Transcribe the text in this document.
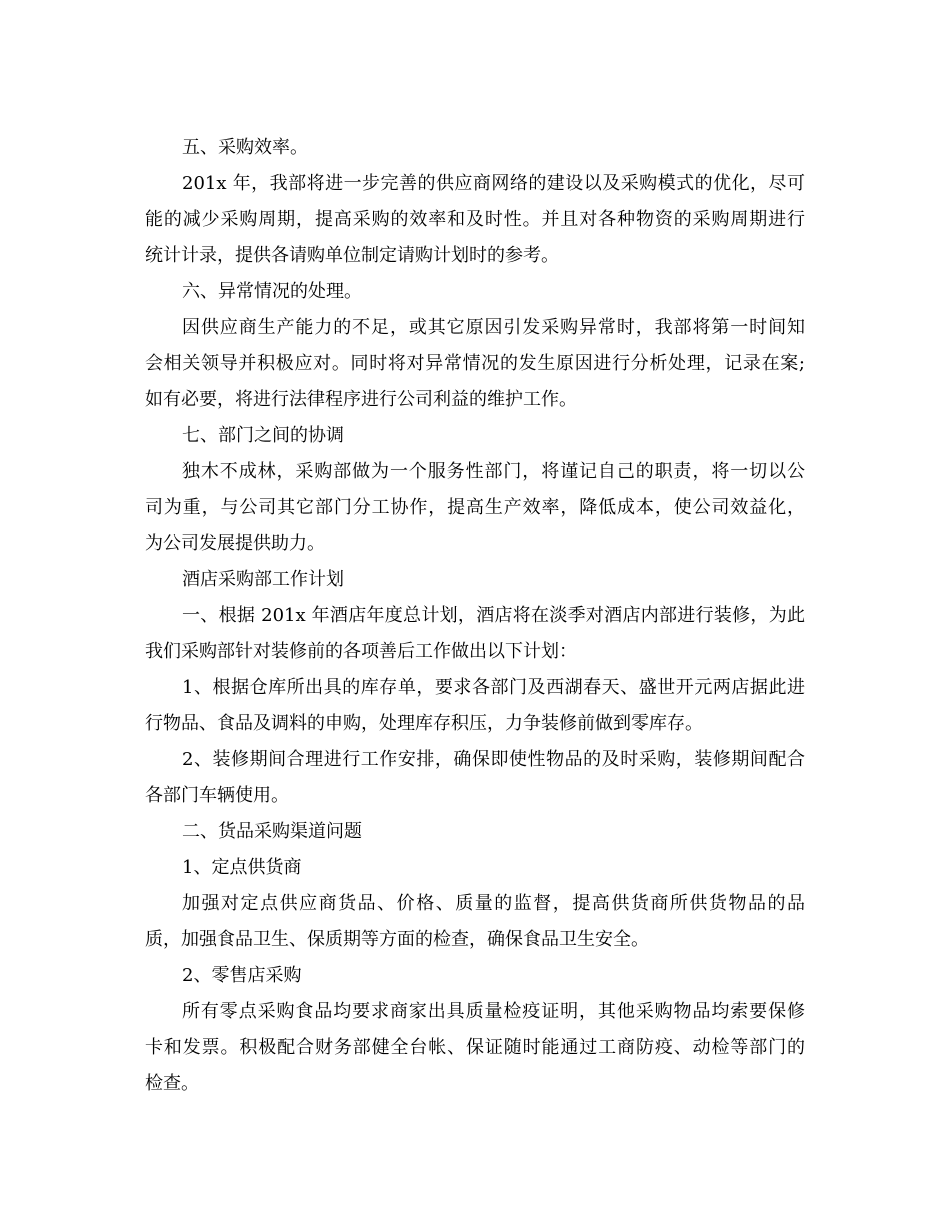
五、采购效率。
201x 年，我部将进一步完善的供应商网络的建设以及采购模式的优化，尽可
能的减少采购周期，提高采购的效率和及时性。并且对各种物资的采购周期进行
统计计录，提供各请购单位制定请购计划时的参考。
六、异常情况的处理。
因供应商生产能力的不足，或其它原因引发采购异常时，我部将第一时间知
会相关领导并积极应对。同时将对异常情况的发生原因进行分析处理，记录在案;
如有必要，将进行法律程序进行公司利益的维护工作。
七、部门之间的协调
独木不成林，采购部做为一个服务性部门，将谨记自己的职责，将一切以公
司为重，与公司其它部门分工协作，提高生产效率，降低成本，使公司效益化，
为公司发展提供助力。
酒店采购部工作计划
一、根据 201x 年酒店年度总计划，酒店将在淡季对酒店内部进行装修，为此
我们采购部针对装修前的各项善后工作做出以下计划：
1、根据仓库所出具的库存单，要求各部门及西湖春天、盛世开元两店据此进
行物品、食品及调料的申购，处理库存积压，力争装修前做到零库存。
2、装修期间合理进行工作安排，确保即使性物品的及时采购，装修期间配合
各部门车辆使用。
二、货品采购渠道问题
1、定点供货商
加强对定点供应商货品、价格、质量的监督，提高供货商所供货物品的品
质，加强食品卫生、保质期等方面的检查，确保食品卫生安全。
2、零售店采购
所有零点采购食品均要求商家出具质量检疫证明，其他采购物品均索要保修
卡和发票。积极配合财务部健全台帐、保证随时能通过工商防疫、动检等部门的
检查。
